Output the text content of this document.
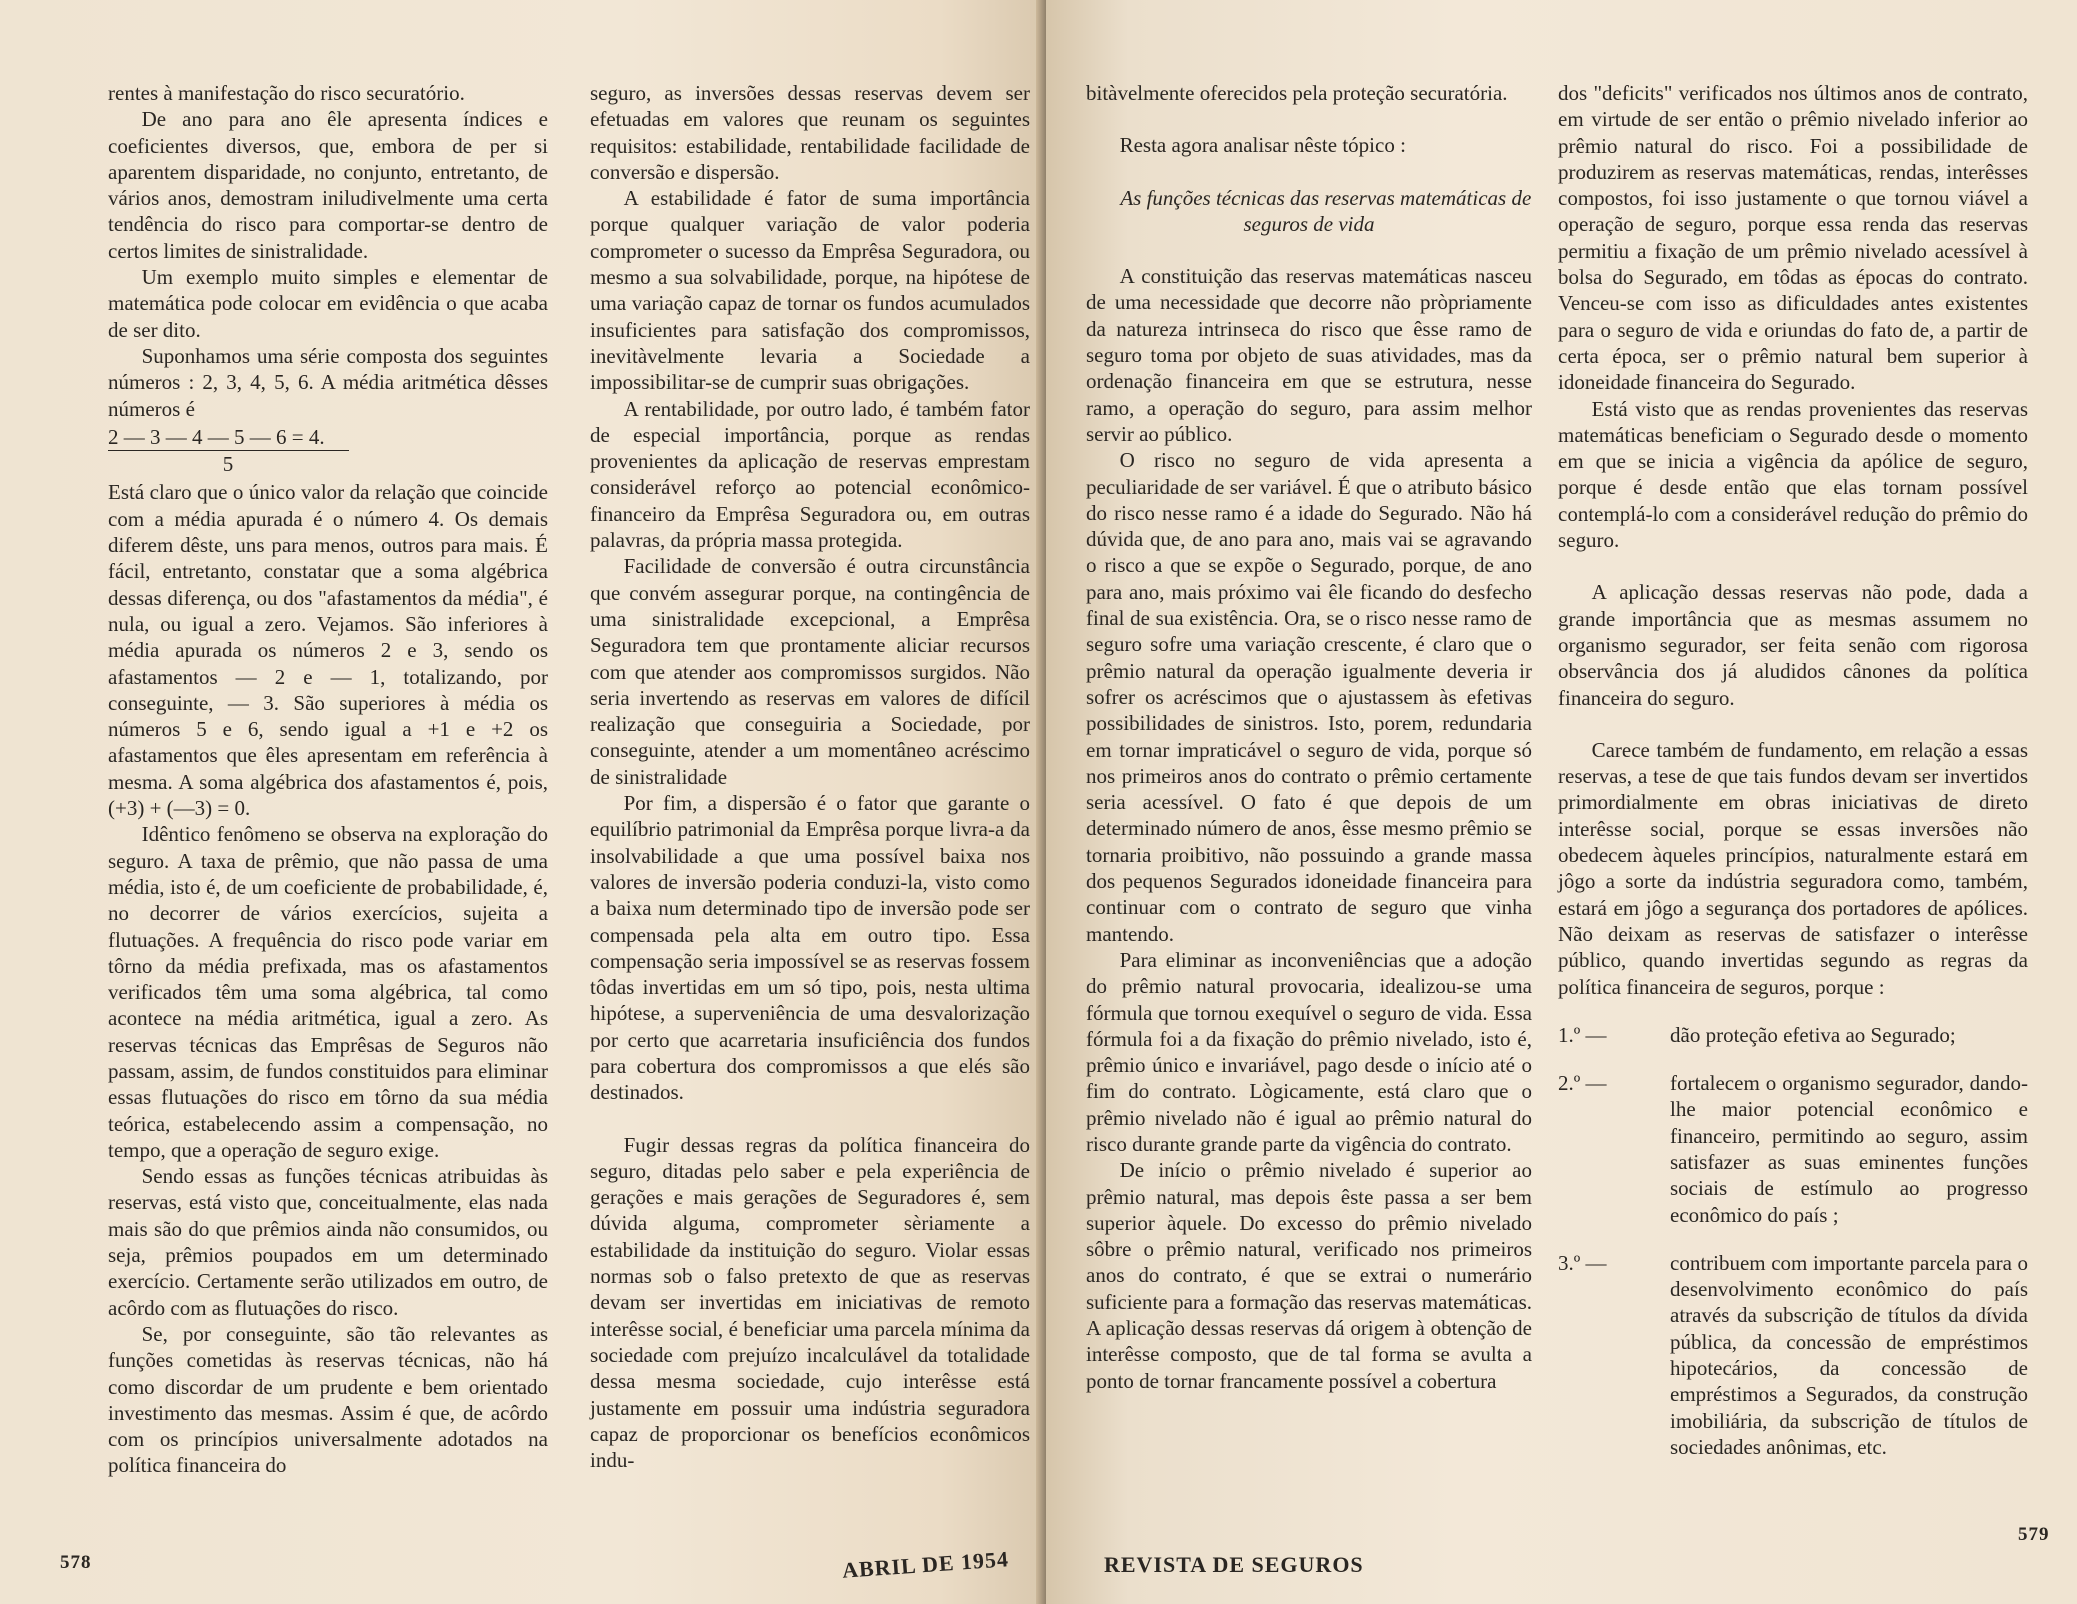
rentes à manifestação do risco securatório.

De ano para ano êle apresenta índices e coeficientes diversos, que, embora de per si aparentem disparidade, no conjunto, entretanto, de vários anos, demostram iniludivelmente uma certa tendência do risco para comportar-se dentro de certos limites de sinistralidade.

Um exemplo muito simples e elementar de matemática pode colocar em evidência o que acaba de ser dito.

Suponhamos uma série composta dos seguintes números : 2, 3, 4, 5, 6. A média aritmética dêsses números é

2 — 3 — 4 — 5 — 6 = 4.
5

Está claro que o único valor da relação que coincide com a média apurada é o número 4. Os demais diferem dêste, uns para menos, outros para mais. É fácil, entretanto, constatar que a soma algébrica dessas diferença, ou dos "afastamentos da média", é nula, ou igual a zero. Vejamos. São inferiores à média apurada os números 2 e 3, sendo os afastamentos — 2 e — 1, totalizando, por conseguinte, — 3. São superiores à média os números 5 e 6, sendo igual a +1 e +2 os afastamentos que êles apresentam em referência à mesma. A soma algébrica dos afastamentos é, pois, (+3) + (—3) = 0.

Idêntico fenômeno se observa na exploração do seguro. A taxa de prêmio, que não passa de uma média, isto é, de um coeficiente de probabilidade, é, no decorrer de vários exercícios, sujeita a flutuações. A frequência do risco pode variar em tôrno da média prefixada, mas os afastamentos verificados têm uma soma algébrica, tal como acontece na média aritmética, igual a zero. As reservas técnicas das Emprêsas de Seguros não passam, assim, de fundos constituidos para eliminar essas flutuações do risco em tôrno da sua média teórica, estabelecendo assim a compensação, no tempo, que a operação de seguro exige.

Sendo essas as funções técnicas atribuidas às reservas, está visto que, conceitualmente, elas nada mais são do que prêmios ainda não consumidos, ou seja, prêmios poupados em um determinado exercício. Certamente serão utilizados em outro, de acôrdo com as flutuações do risco.

Se, por conseguinte, são tão relevantes as funções cometidas às reservas técnicas, não há como discordar de um prudente e bem orientado investimento das mesmas. Assim é que, de acôrdo com os princípios universalmente adotados na política financeira do

seguro, as inversões dessas reservas devem ser efetuadas em valores que reunam os seguintes requisitos: estabilidade, rentabilidade facilidade de conversão e dispersão.

A estabilidade é fator de suma importância porque qualquer variação de valor poderia comprometer o sucesso da Emprêsa Seguradora, ou mesmo a sua solvabilidade, porque, na hipótese de uma variação capaz de tornar os fundos acumulados insuficientes para satisfação dos compromissos, inevitàvelmente levaria a Sociedade a impossibilitar-se de cumprir suas obrigações.

A rentabilidade, por outro lado, é também fator de especial importância, porque as rendas provenientes da aplicação de reservas emprestam considerável reforço ao potencial econômico-financeiro da Emprêsa Seguradora ou, em outras palavras, da própria massa protegida.

Facilidade de conversão é outra circunstância que convém assegurar porque, na contingência de uma sinistralidade excepcional, a Emprêsa Seguradora tem que prontamente aliciar recursos com que atender aos compromissos surgidos. Não seria invertendo as reservas em valores de difícil realização que conseguiria a Sociedade, por conseguinte, atender a um momentâneo acréscimo de sinistralidade

Por fim, a dispersão é o fator que garante o equilíbrio patrimonial da Emprêsa porque livra-a da insolvabilidade a que uma possível baixa nos valores de inversão poderia conduzi-la, visto como a baixa num determinado tipo de inversão pode ser compensada pela alta em outro tipo. Essa compensação seria impossível se as reservas fossem tôdas invertidas em um só tipo, pois, nesta ultima hipótese, a superveniência de uma desvalorização por certo que acarretaria insuficiência dos fundos para cobertura dos compromissos a que elés são destinados.

Fugir dessas regras da política financeira do seguro, ditadas pelo saber e pela experiência de gerações e mais gerações de Seguradores é, sem dúvida alguma, comprometer sèriamente a estabilidade da instituição do seguro. Violar essas normas sob o falso pretexto de que as reservas devam ser invertidas em iniciativas de remoto interêsse social, é beneficiar uma parcela mínima da sociedade com prejuízo incalculável da totalidade dessa mesma sociedade, cujo interêsse está justamente em possuir uma indústria seguradora capaz de proporcionar os benefícios econômicos indu-

578	ABRIL DE 1954

bitàvelmente oferecidos pela proteção securatória.

Resta agora analisar nêste tópico :

As funções técnicas das reservas matemáticas de seguros de vida

A constituição das reservas matemáticas nasceu de uma necessidade que decorre não pròpriamente da natureza intrinseca do risco que êsse ramo de seguro toma por objeto de suas atividades, mas da ordenação financeira em que se estrutura, nesse ramo, a operação do seguro, para assim melhor servir ao público.

O risco no seguro de vida apresenta a peculiaridade de ser variável. É que o atributo básico do risco nesse ramo é a idade do Segurado. Não há dúvida que, de ano para ano, mais vai se agravando o risco a que se expõe o Segurado, porque, de ano para ano, mais próximo vai êle ficando do desfecho final de sua existência. Ora, se o risco nesse ramo de seguro sofre uma variação crescente, é claro que o prêmio natural da operação igualmente deveria ir sofrer os acréscimos que o ajustassem às efetivas possibilidades de sinistros. Isto, porem, redundaria em tornar impraticável o seguro de vida, porque só nos primeiros anos do contrato o prêmio certamente seria acessível. O fato é que depois de um determinado número de anos, êsse mesmo prêmio se tornaria proibitivo, não possuindo a grande massa dos pequenos Segurados idoneidade financeira para continuar com o contrato de seguro que vinha mantendo.

Para eliminar as inconveniências que a adoção do prêmio natural provocaria, idealizou-se uma fórmula que tornou exequível o seguro de vida. Essa fórmula foi a da fixação do prêmio nivelado, isto é, prêmio único e invariável, pago desde o início até o fim do contrato. Lògicamente, está claro que o prêmio nivelado não é igual ao prêmio natural do risco durante grande parte da vigência do contrato.

De início o prêmio nivelado é superior ao prêmio natural, mas depois êste passa a ser bem superior àquele. Do excesso do prêmio nivelado sôbre o prêmio natural, verificado nos primeiros anos do contrato, é que se extrai o numerário suficiente para a formação das reservas matemáticas. A aplicação dessas reservas dá origem à obtenção de interêsse composto, que de tal forma se avulta a ponto de tornar francamente possível a cobertura

dos "deficits" verificados nos últimos anos de contrato, em virtude de ser então o prêmio nivelado inferior ao prêmio natural do risco. Foi a possibilidade de produzirem as reservas matemáticas, rendas, interêsses compostos, foi isso justamente o que tornou viável a operação de seguro, porque essa renda das reservas permitiu a fixação de um prêmio nivelado acessível à bolsa do Segurado, em tôdas as épocas do contrato. Venceu-se com isso as dificuldades antes existentes para o seguro de vida e oriundas do fato de, a partir de certa época, ser o prêmio natural bem superior à idoneidade financeira do Segurado.

Está visto que as rendas provenientes das reservas matemáticas beneficiam o Segurado desde o momento em que se inicia a vigência da apólice de seguro, porque é desde então que elas tornam possível contemplá-lo com a considerável redução do prêmio do seguro.

A aplicação dessas reservas não pode, dada a grande importância que as mesmas assumem no organismo segurador, ser feita senão com rigorosa observância dos já aludidos cânones da política financeira do seguro.

Carece também de fundamento, em relação a essas reservas, a tese de que tais fundos devam ser invertidos primordialmente em obras iniciativas de direto interêsse social, porque se essas inversões não obedecem àqueles princípios, naturalmente estará em jôgo a sorte da indústria seguradora como, também, estará em jôgo a segurança dos portadores de apólices. Não deixam as reservas de satisfazer o interêsse público, quando invertidas segundo as regras da política financeira de seguros, porque :

1.º —	dão proteção efetiva ao Segurado;
2.º —	fortalecem o organismo segurador, dando-lhe maior potencial econômico e financeiro, permitindo ao seguro, assim satisfazer as suas eminentes funções sociais de estímulo ao progresso econômico do país ;
3.º —	contribuem com importante parcela para o desenvolvimento econômico do país através da subscrição de títulos da dívida pública, da concessão de empréstimos hipotecários, da concessão de empréstimos a Segurados, da construção imobiliária, da subscrição de títulos de sociedades anônimas, etc.
REVISTA DE SEGUROS
579
